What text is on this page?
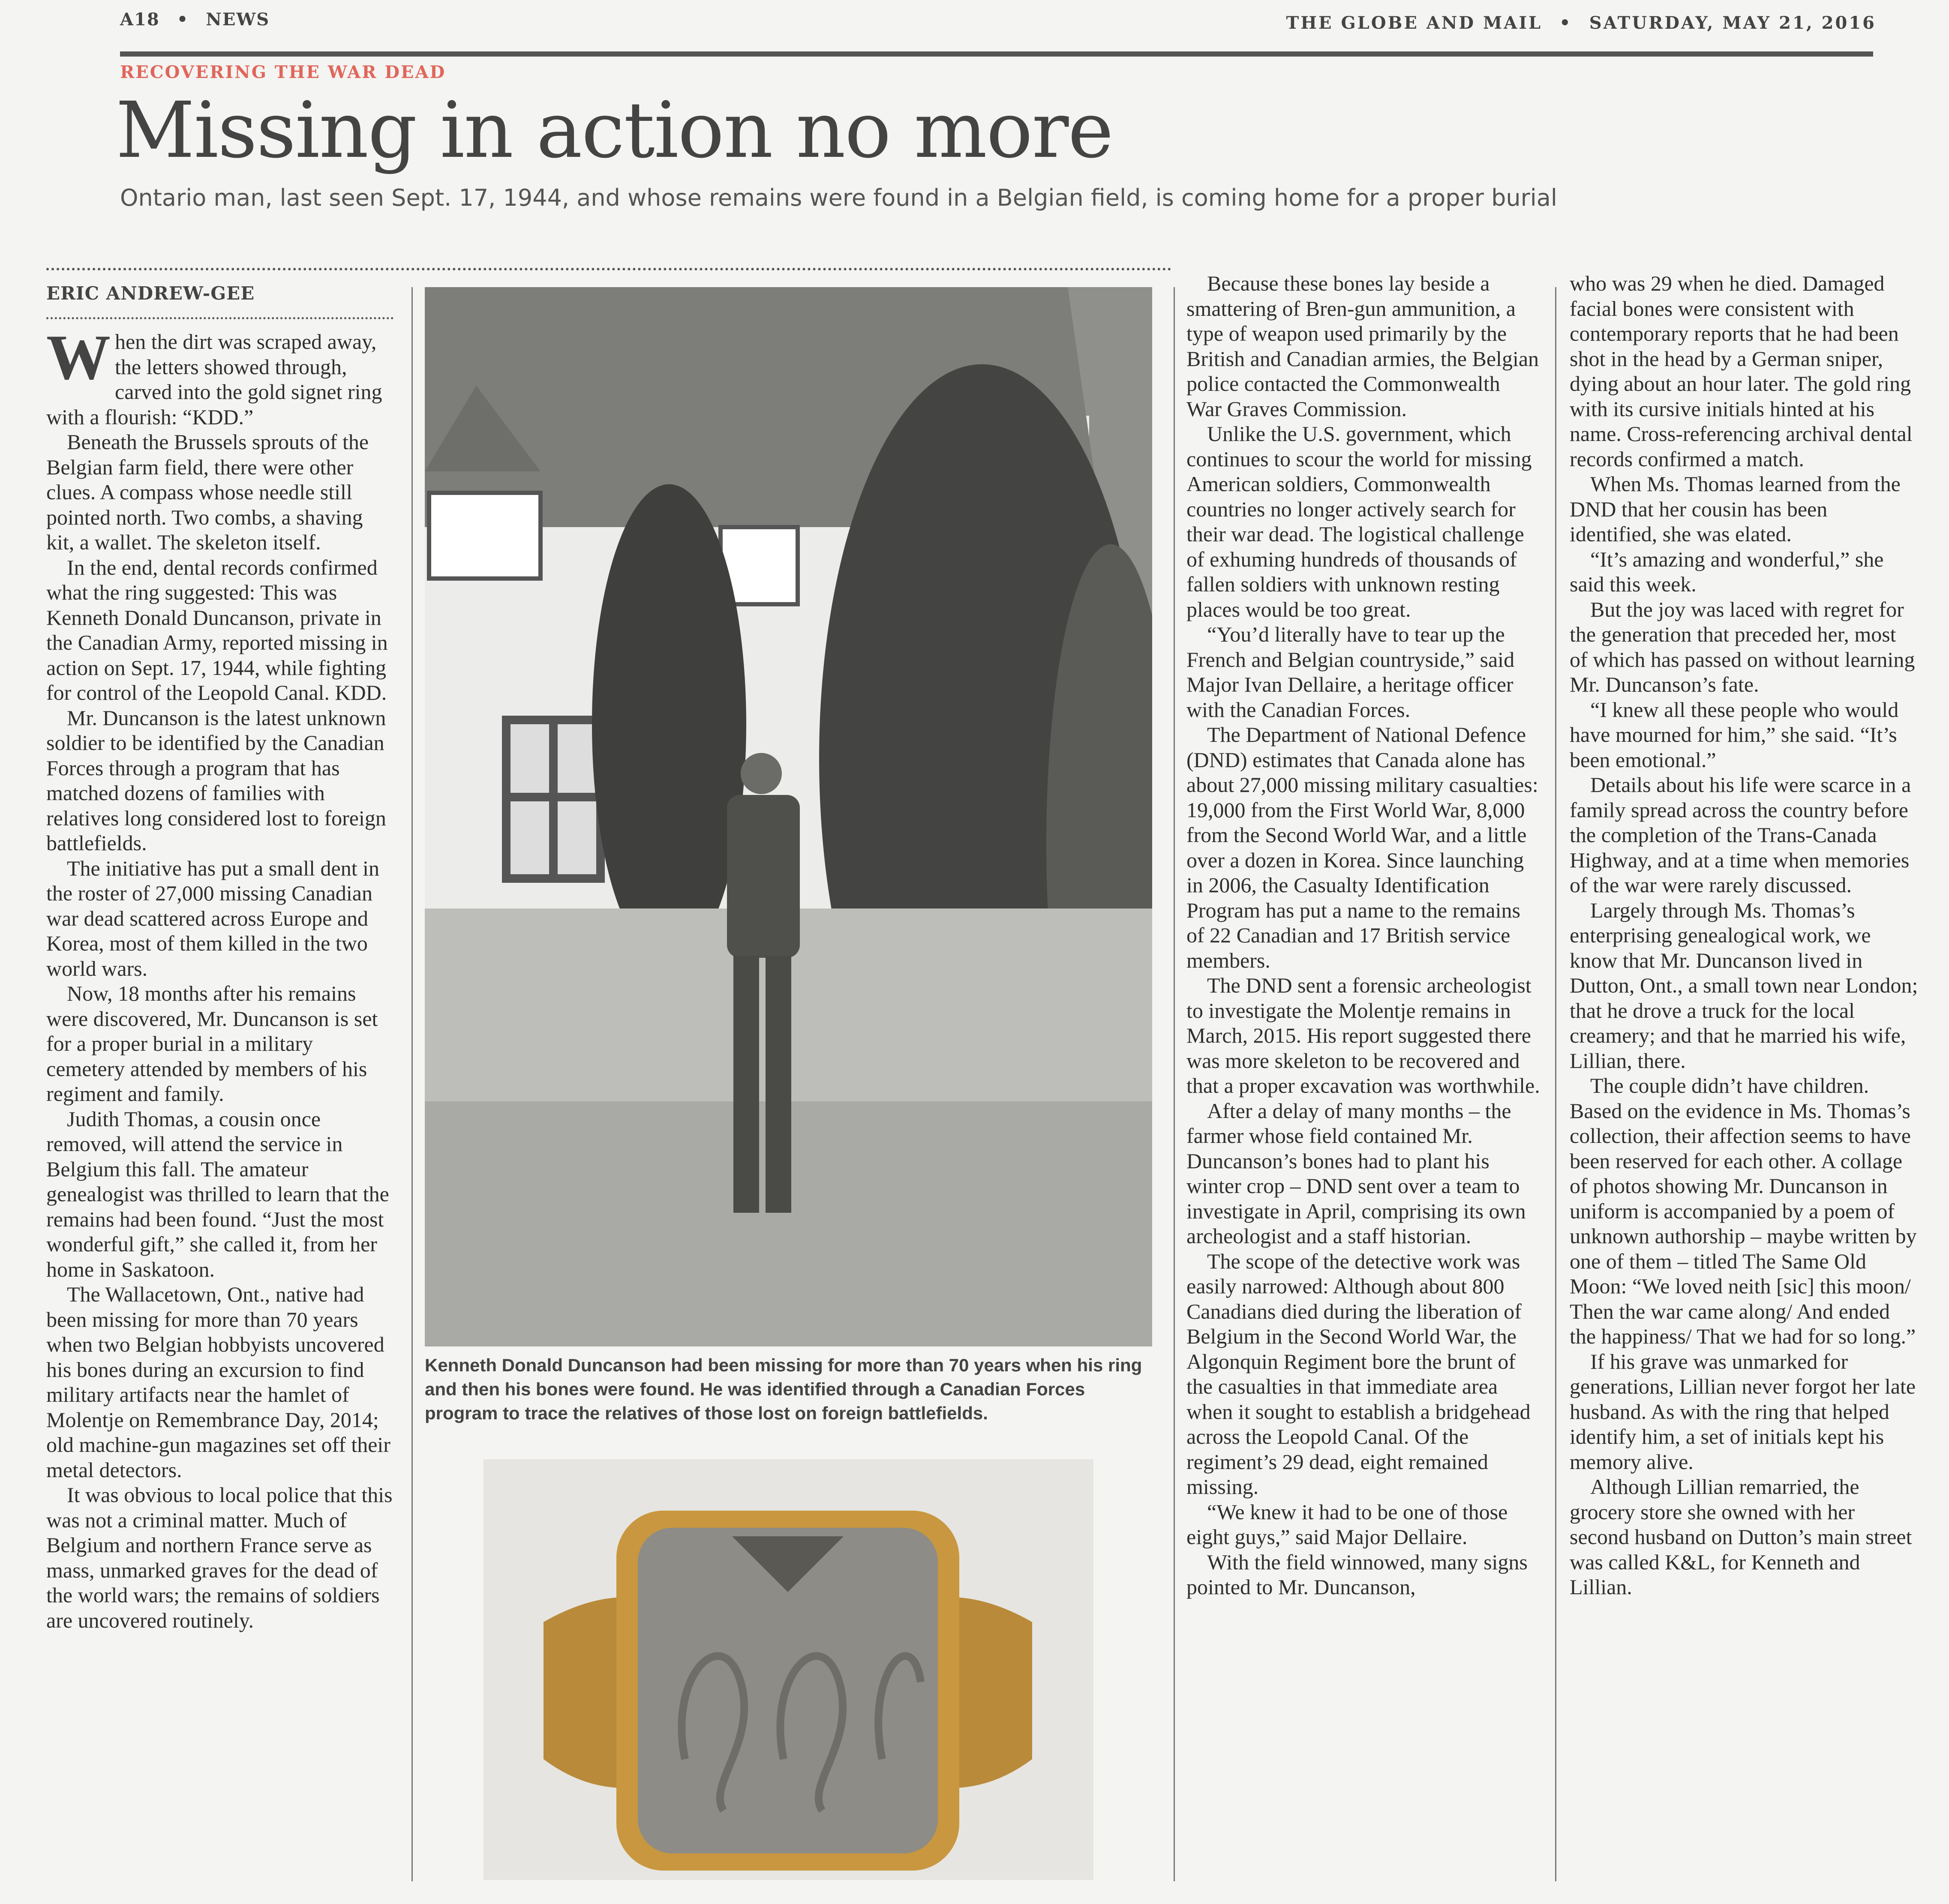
A18 • NEWS	THE GLOBE AND MAIL • SATURDAY, MAY 21, 2016
RECOVERING THE WAR DEAD
Missing in action no more
Ontario man, last seen Sept. 17, 1944, and whose remains were found in a Belgian field, is coming home for a proper burial
ERIC ANDREW-GEE

When the dirt was scraped away, the letters showed through, carved into the gold signet ring with a flourish: “KDD.”

Beneath the Brussels sprouts of the Belgian farm field, there were other clues. A compass whose needle still pointed north. Two combs, a shaving kit, a wallet. The skeleton itself.

In the end, dental records confirmed what the ring suggested: This was Kenneth Donald Duncanson, private in the Canadian Army, reported missing in action on Sept. 17, 1944, while fighting for control of the Leopold Canal. KDD.

Mr. Duncanson is the latest unknown soldier to be identified by the Canadian Forces through a program that has matched dozens of families with relatives long considered lost to foreign battlefields.

The initiative has put a small dent in the roster of 27,000 missing Canadian war dead scattered across Europe and Korea, most of them killed in the two world wars.

Now, 18 months after his remains were discovered, Mr. Duncanson is set for a proper burial in a military cemetery attended by members of his regiment and family.

Judith Thomas, a cousin once removed, will attend the service in Belgium this fall. The amateur genealogist was thrilled to learn that the remains had been found. “Just the most wonderful gift,” she called it, from her home in Saskatoon.

The Wallacetown, Ont., native had been missing for more than 70 years when two Belgian hobbyists uncovered his bones during an excursion to find military artifacts near the hamlet of Molentje on Remembrance Day, 2014; old machine-gun magazines set off their metal detectors.

It was obvious to local police that this was not a criminal matter. Much of Belgium and northern France serve as mass, unmarked graves for the dead of the world wars; the remains of soldiers are uncovered routinely.

Kenneth Donald Duncanson had been missing for more than 70 years when his ring and then his bones were found. He was identified through a Canadian Forces program to trace the relatives of those lost on foreign battlefields.

Because these bones lay beside a smattering of Bren-gun ammunition, a type of weapon used primarily by the British and Canadian armies, the Belgian police contacted the Commonwealth War Graves Commission.

Unlike the U.S. government, which continues to scour the world for missing American soldiers, Commonwealth countries no longer actively search for their war dead. The logistical challenge of exhuming hundreds of thousands of fallen soldiers with unknown resting places would be too great.

“You’d literally have to tear up the French and Belgian countryside,” said Major Ivan Dellaire, a heritage officer with the Canadian Forces.

The Department of National Defence (DND) estimates that Canada alone has about 27,000 missing military casualties: 19,000 from the First World War, 8,000 from the Second World War, and a little over a dozen in Korea. Since launching in 2006, the Casualty Identification Program has put a name to the remains of 22 Canadian and 17 British service members.

The DND sent a forensic archeologist to investigate the Molentje remains in March, 2015. His report suggested there was more skeleton to be recovered and that a proper excavation was worthwhile.

After a delay of many months – the farmer whose field contained Mr. Duncanson’s bones had to plant his winter crop – DND sent over a team to investigate in April, comprising its own archeologist and a staff historian.

The scope of the detective work was easily narrowed: Although about 800 Canadians died during the liberation of Belgium in the Second World War, the Algonquin Regiment bore the brunt of the casualties in that immediate area when it sought to establish a bridgehead across the Leopold Canal. Of the regiment’s 29 dead, eight remained missing.

“We knew it had to be one of those eight guys,” said Major Dellaire.

With the field winnowed, many signs pointed to Mr. Duncanson,

who was 29 when he died. Damaged facial bones were consistent with contemporary reports that he had been shot in the head by a German sniper, dying about an hour later. The gold ring with its cursive initials hinted at his name. Cross-referencing archival dental records confirmed a match.

When Ms. Thomas learned from the DND that her cousin has been identified, she was elated.

“It’s amazing and wonderful,” she said this week.

But the joy was laced with regret for the generation that preceded her, most of which has passed on without learning Mr. Duncanson’s fate.

“I knew all these people who would have mourned for him,” she said. “It’s been emotional.”

Details about his life were scarce in a family spread across the country before the completion of the Trans-Canada Highway, and at a time when memories of the war were rarely discussed.

Largely through Ms. Thomas’s enterprising genealogical work, we know that Mr. Duncanson lived in Dutton, Ont., a small town near London; that he drove a truck for the local creamery; and that he married his wife, Lillian, there.

The couple didn’t have children. Based on the evidence in Ms. Thomas’s collection, their affection seems to have been reserved for each other. A collage of photos showing Mr. Duncanson in uniform is accompanied by a poem of unknown authorship – maybe written by one of them – titled The Same Old Moon: “We loved neith [sic] this moon/ Then the war came along/ And ended the happiness/ That we had for so long.”

If his grave was unmarked for generations, Lillian never forgot her late husband. As with the ring that helped identify him, a set of initials kept his memory alive.

Although Lillian remarried, the grocery store she owned with her second husband on Dutton’s main street was called K&L, for Kenneth and Lillian.
